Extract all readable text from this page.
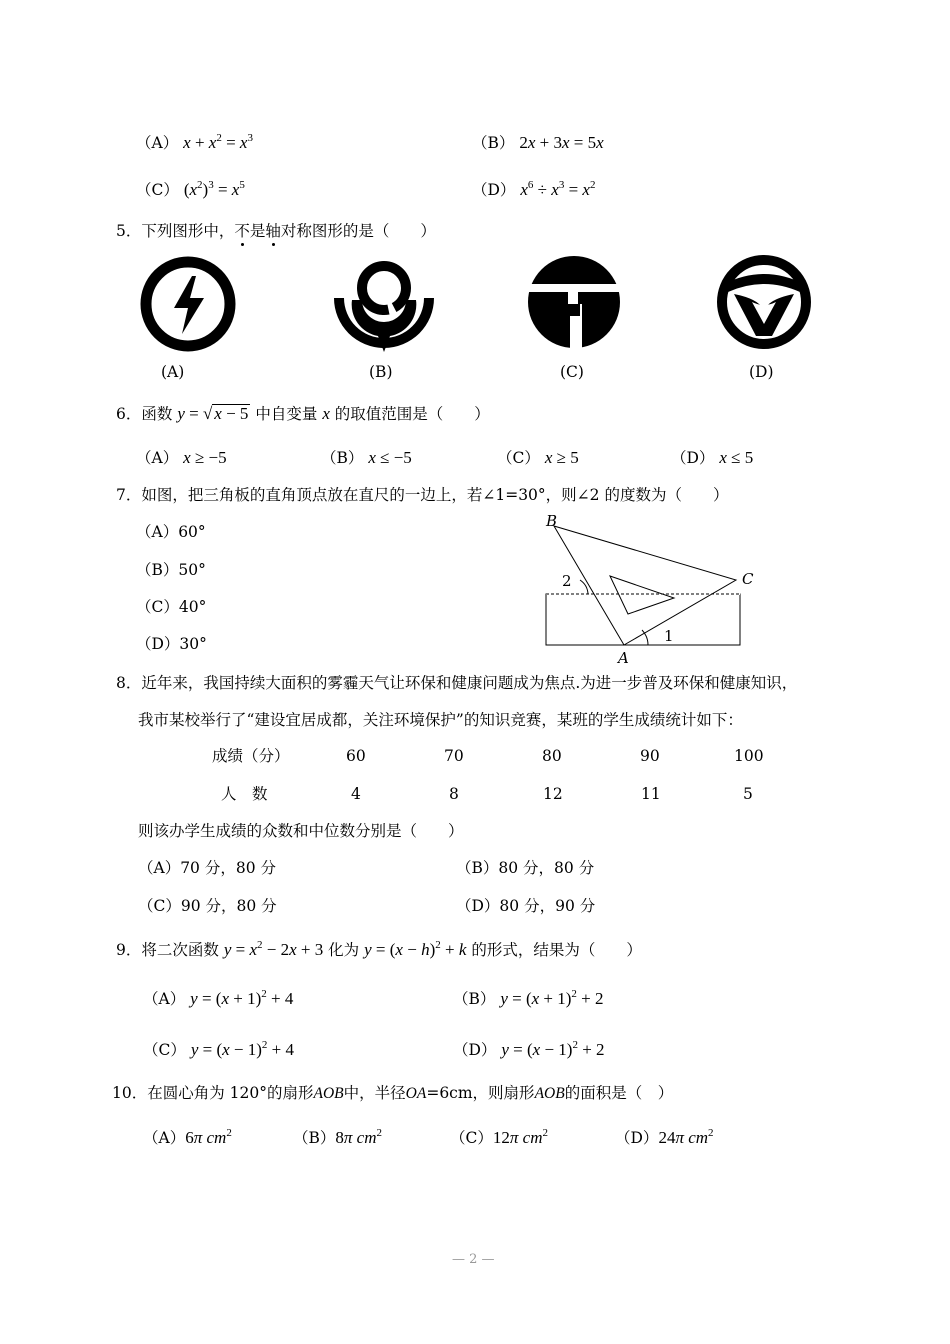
（A） $x + x^2 = x^3$	（B） 2x + 3x = 5x
（C） $(x^2)^3 = x^5$	（D） $x^6 \div x^3 = x^2$
5．下列图形中，不是轴对称图形的是（　　）
(A)	(B)	(C)	(D)
6．函数 y = √ x − 5 中自变量 x 的取值范围是（　　）
（A） x ≥ −5	（B） x ≤ −5	（C） x ≥ 5	（D） x ≤ 5
7．如图，把三角板的直角顶点放在直尺的一边上，若∠1=30°，则∠2 的度数为（　　）
（A）60°
（B）50°
（C）40°
（D）30°
B
C
A
2
1
8．近年来，我国持续大面积的雾霾天气让环保和健康问题成为焦点.为进一步普及环保和健康知识，
我市某校举行了“建设宜居成都，关注环境保护”的知识竞赛，某班的学生成绩统计如下：
成绩（分）	60	70	80	90	100
人　数	4	8	12	11	5
则该办学生成绩的众数和中位数分别是（　　）
（A）70 分，80 分	（B）80 分，80 分
（C）90 分，80 分	（D）80 分，90 分
9．将二次函数 $y = x^2 - 2x + 3$ 化为 $y = (x - h)^2 + k$ 的形式，结果为（　　）
（A） $y = (x + 1)^2 + 4$	（B） $y = (x + 1)^2 + 2$
（C） $y = (x - 1)^2 + 4$	（D） $y = (x - 1)^2 + 2$
10．在圆心角为 120°的扇形AOB中，半径OA=6cm，则扇形AOB的面积是（　）
（A）6π $cm^2$	（B）8π $cm^2$	（C）12π $cm^2$	（D）24π $cm^2$
— 2 —
